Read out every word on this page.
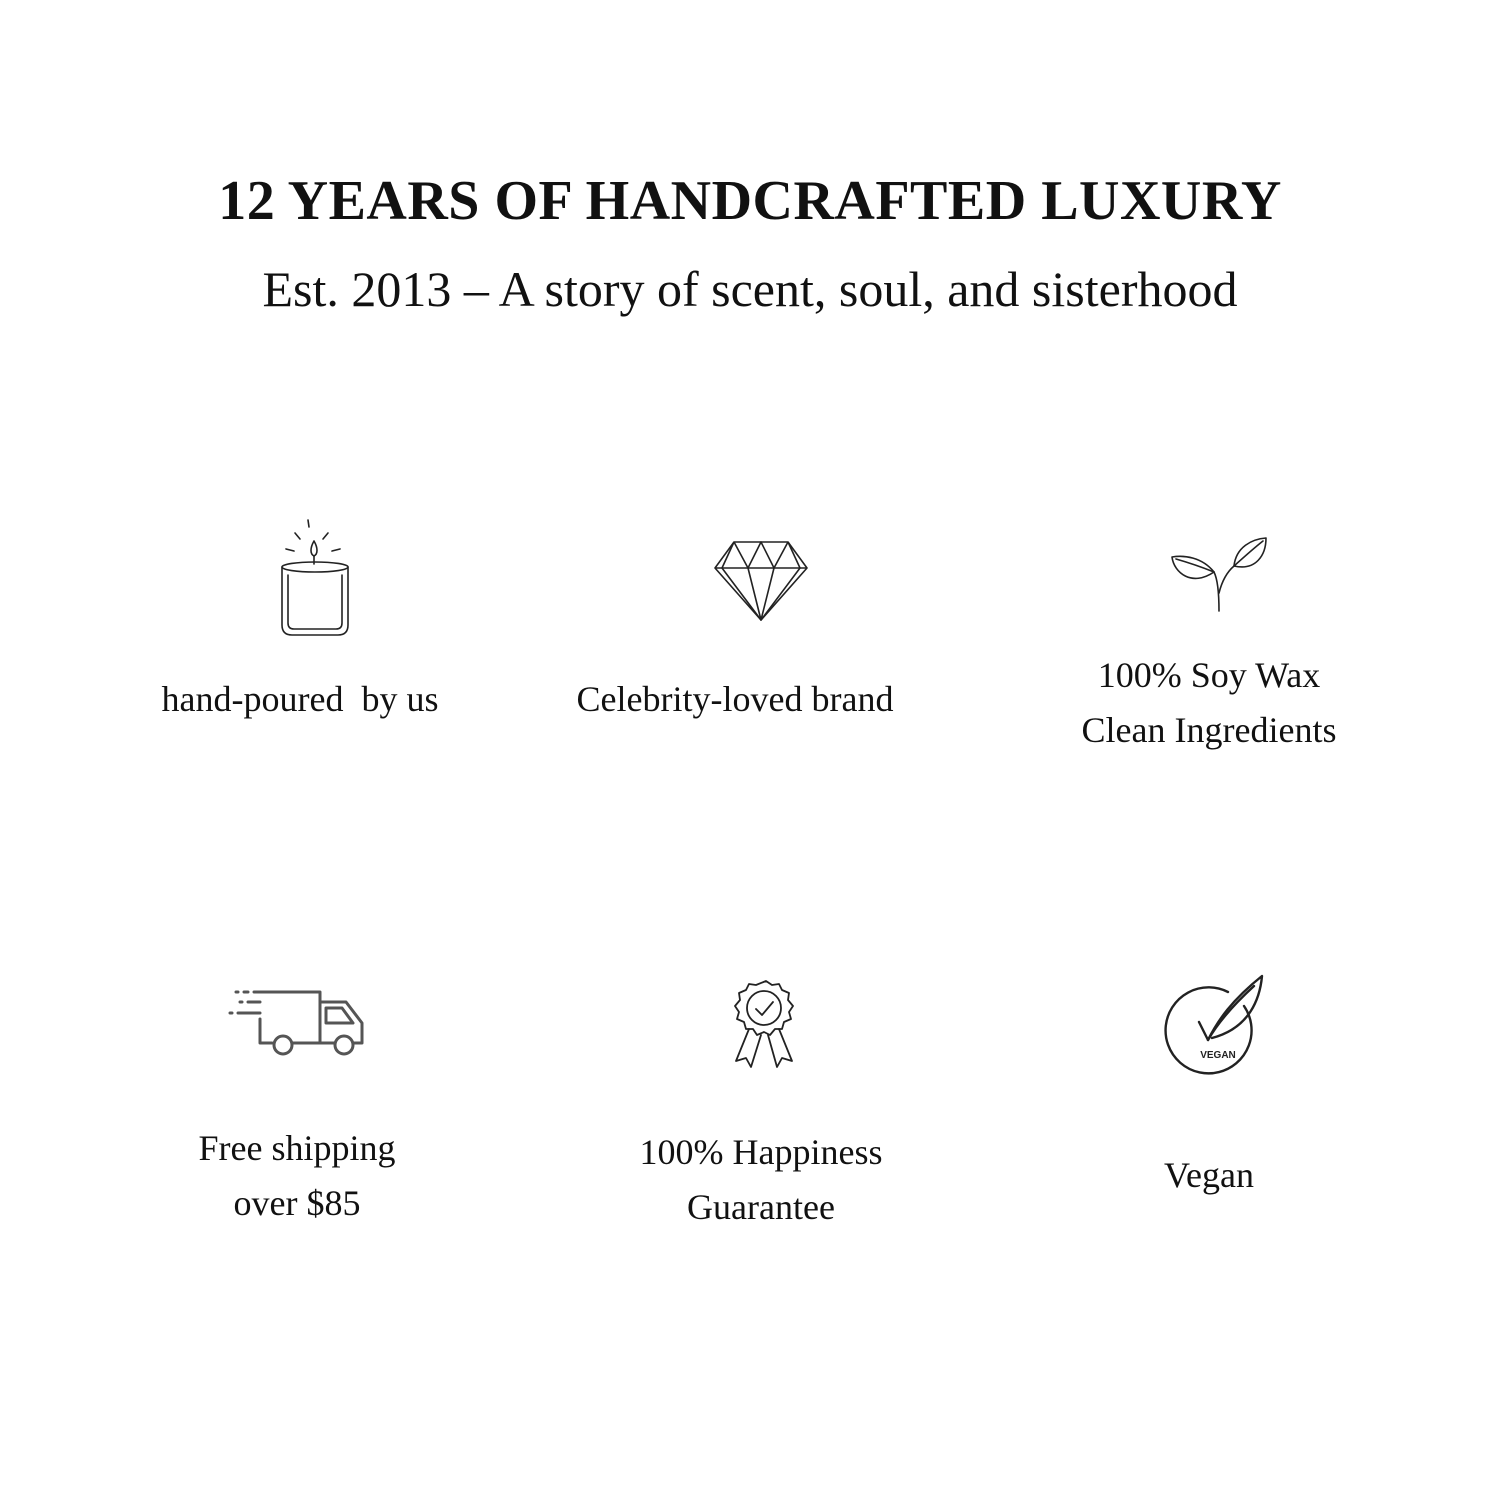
12 YEARS OF HANDCRAFTED LUXURY
Est. 2013 – A story of scent, soul, and sisterhood
hand-poured  by us	Celebrity-loved brand
100% Soy Wax
Clean Ingredients
Free shipping
over $85
100% Happiness
Guarantee
VEGAN
Vegan
